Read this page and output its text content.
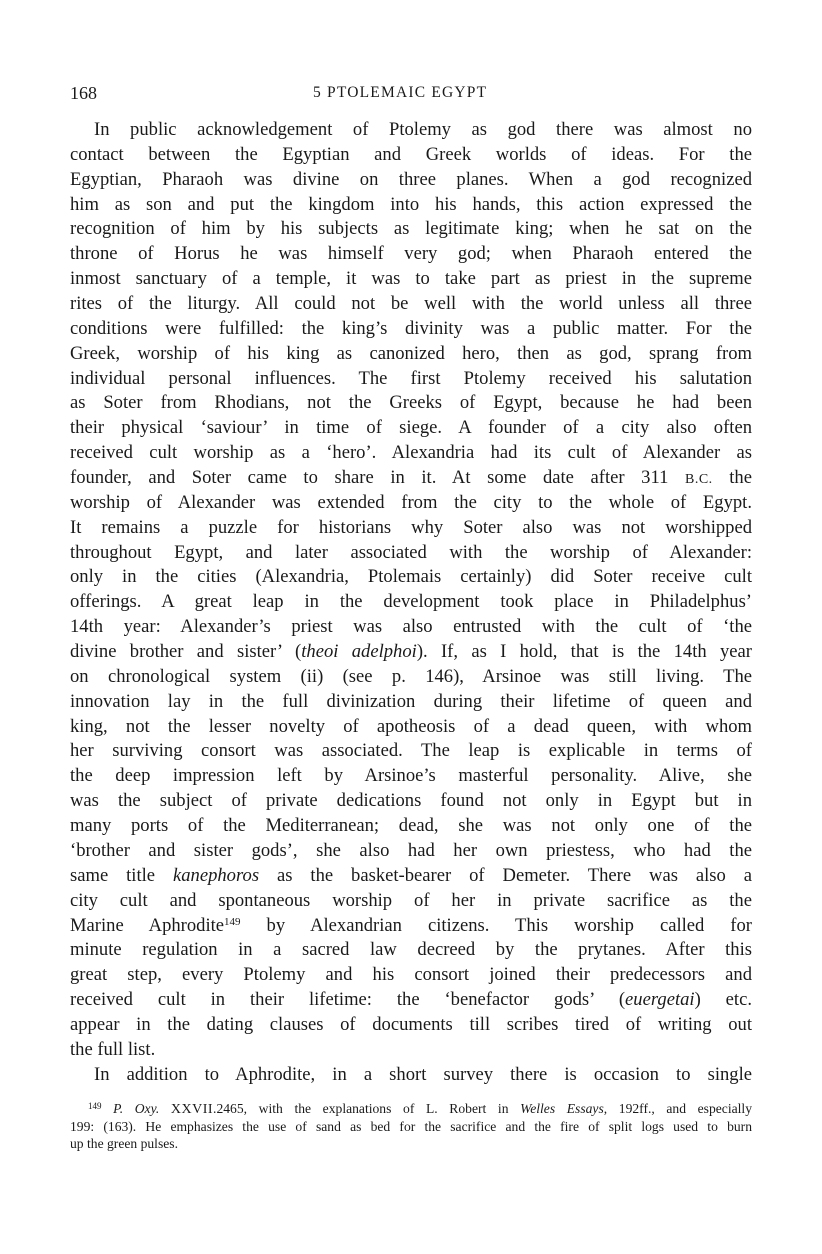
168	5 PTOLEMAIC EGYPT
In public acknowledgement of Ptolemy as god there was almost no
contact between the Egyptian and Greek worlds of ideas. For the
Egyptian, Pharaoh was divine on three planes. When a god recognized
him as son and put the kingdom into his hands, this action expressed the
recognition of him by his subjects as legitimate king; when he sat on the
throne of Horus he was himself very god; when Pharaoh entered the
inmost sanctuary of a temple, it was to take part as priest in the supreme
rites of the liturgy. All could not be well with the world unless all three
conditions were fulfilled: the king’s divinity was a public matter. For the
Greek, worship of his king as canonized hero, then as god, sprang from
individual personal influences. The first Ptolemy received his salutation
as Soter from Rhodians, not the Greeks of Egypt, because he had been
their physical ‘saviour’ in time of siege. A founder of a city also often
received cult worship as a ‘hero’. Alexandria had its cult of Alexander as
founder, and Soter came to share in it. At some date after 311 B.C. the
worship of Alexander was extended from the city to the whole of Egypt.
It remains a puzzle for historians why Soter also was not worshipped
throughout Egypt, and later associated with the worship of Alexander:
only in the cities (Alexandria, Ptolemais certainly) did Soter receive cult
offerings. A great leap in the development took place in Philadelphus’
14th year: Alexander’s priest was also entrusted with the cult of ‘the
divine brother and sister’ (theoi adelphoi). If, as I hold, that is the 14th year
on chronological system (ii) (see p. 146), Arsinoe was still living. The
innovation lay in the full divinization during their lifetime of queen and
king, not the lesser novelty of apotheosis of a dead queen, with whom
her surviving consort was associated. The leap is explicable in terms of
the deep impression left by Arsinoe’s masterful personality. Alive, she
was the subject of private dedications found not only in Egypt but in
many ports of the Mediterranean; dead, she was not only one of the
‘brother and sister gods’, she also had her own priestess, who had the
same title kanephoros as the basket-bearer of Demeter. There was also a
city cult and spontaneous worship of her in private sacrifice as the
Marine Aphrodite$^{149}$ by Alexandrian citizens. This worship called for
minute regulation in a sacred law decreed by the prytanes. After this
great step, every Ptolemy and his consort joined their predecessors and
received cult in their lifetime: the ‘benefactor gods’ (euergetai) etc.
appear in the dating clauses of documents till scribes tired of writing out
the full list.
In addition to Aphrodite, in a short survey there is occasion to single
$^{149}$ P. Oxy. XXVII.2465, with the explanations of L. Robert in Welles Essays, 192ff., and especially
199: (163). He emphasizes the use of sand as bed for the sacrifice and the fire of split logs used to burn
up the green pulses.
